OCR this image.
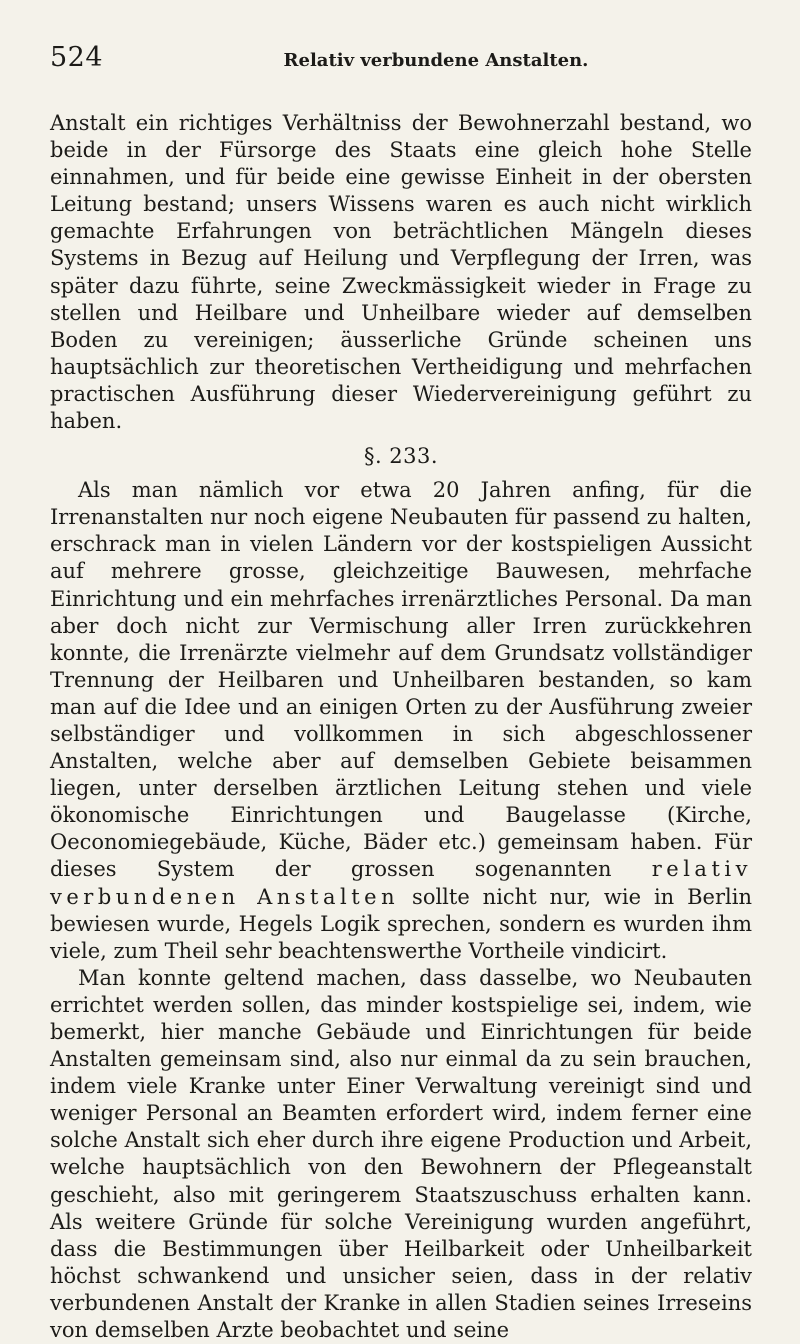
524	Relativ verbundene Anstalten.

Anstalt ein richtiges Verhältniss der Bewohnerzahl bestand, wo beide in der Fürsorge des Staats eine gleich hohe Stelle einnahmen, und für beide eine gewisse Einheit in der obersten Leitung bestand; unsers Wissens waren es auch nicht wirklich gemachte Erfahrungen von beträchtlichen Mängeln dieses Systems in Bezug auf Heilung und Verpflegung der Irren, was später dazu führte, seine Zweckmässigkeit wieder in Frage zu stellen und Heilbare und Unheilbare wieder auf demselben Boden zu vereinigen; äusserliche Gründe scheinen uns hauptsächlich zur theoretischen Vertheidigung und mehrfachen practischen Ausführung dieser Wiedervereinigung geführt zu haben.

§. 233.

Als man nämlich vor etwa 20 Jahren anfing, für die Irrenanstalten nur noch eigene Neubauten für passend zu halten, erschrack man in vielen Ländern vor der kostspieligen Aussicht auf mehrere grosse, gleichzeitige Bauwesen, mehrfache Einrichtung und ein mehrfaches irrenärztliches Personal. Da man aber doch nicht zur Vermischung aller Irren zurückkehren konnte, die Irrenärzte vielmehr auf dem Grundsatz vollständiger Trennung der Heilbaren und Unheilbaren bestanden, so kam man auf die Idee und an einigen Orten zu der Ausführung zweier selbständiger und vollkommen in sich abgeschlossener Anstalten, welche aber auf demselben Gebiete beisammen liegen, unter derselben ärztlichen Leitung stehen und viele ökonomische Einrichtungen und Baugelasse (Kirche, Oeconomiegebäude, Küche, Bäder etc.) gemeinsam haben. Für dieses System der grossen sogenannten relativ verbundenen Anstalten sollte nicht nur, wie in Berlin bewiesen wurde, Hegels Logik sprechen, sondern es wurden ihm viele, zum Theil sehr beachtenswerthe Vortheile vindicirt.

Man konnte geltend machen, dass dasselbe, wo Neubauten errichtet werden sollen, das minder kostspielige sei, indem, wie bemerkt, hier manche Gebäude und Einrichtungen für beide Anstalten gemeinsam sind, also nur einmal da zu sein brauchen, indem viele Kranke unter Einer Verwaltung vereinigt sind und weniger Personal an Beamten erfordert wird, indem ferner eine solche Anstalt sich eher durch ihre eigene Production und Arbeit, welche hauptsächlich von den Bewohnern der Pflegeanstalt geschieht, also mit geringerem Staatszuschuss erhalten kann. Als weitere Gründe für solche Vereinigung wurden angeführt, dass die Bestimmungen über Heilbarkeit oder Unheilbarkeit höchst schwankend und unsicher seien, dass in der relativ verbundenen Anstalt der Kranke in allen Stadien seines Irreseins von demselben Arzte beobachtet und seine
